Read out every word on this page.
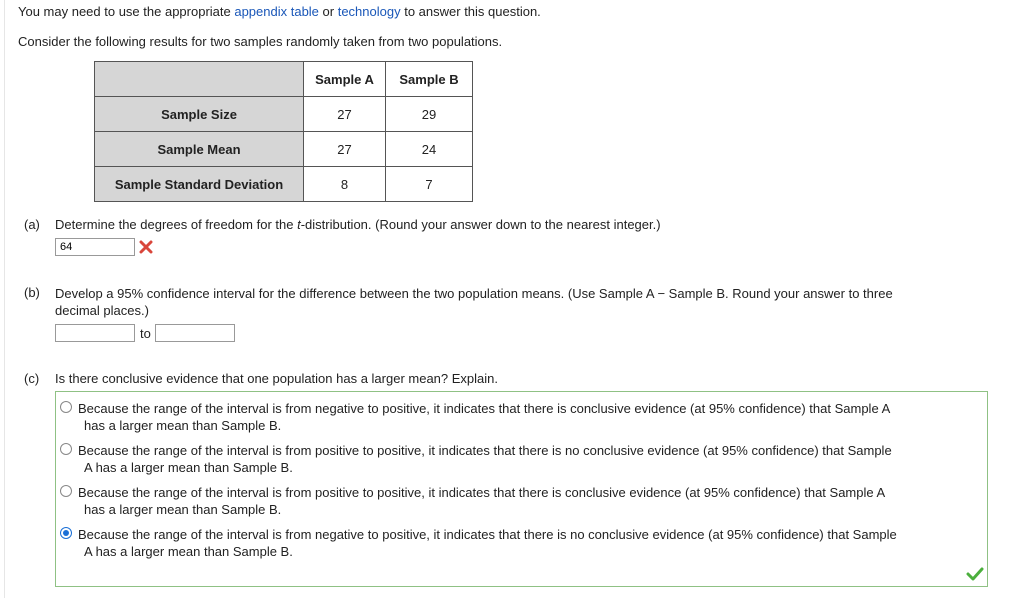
You may need to use the appropriate appendix table or technology to answer this question.
Consider the following results for two samples randomly taken from two populations.
	Sample A	Sample B
Sample Size	27	29
Sample Mean	27	24
Sample Standard Deviation	8	7
(a) Determine the degrees of freedom for the t-distribution. (Round your answer down to the nearest integer.)
64
(b) Develop a 95% confidence interval for the difference between the two population means. (Use Sample A − Sample B. Round your answer to three
decimal places.)
to
(c) Is there conclusive evidence that one population has a larger mean? Explain.
Because the range of the interval is from negative to positive, it indicates that there is conclusive evidence (at 95% confidence) that Sample A
has a larger mean than Sample B.
Because the range of the interval is from positive to positive, it indicates that there is no conclusive evidence (at 95% confidence) that Sample
A has a larger mean than Sample B.
Because the range of the interval is from positive to positive, it indicates that there is conclusive evidence (at 95% confidence) that Sample A
has a larger mean than Sample B.
Because the range of the interval is from negative to positive, it indicates that there is no conclusive evidence (at 95% confidence) that Sample
A has a larger mean than Sample B.
